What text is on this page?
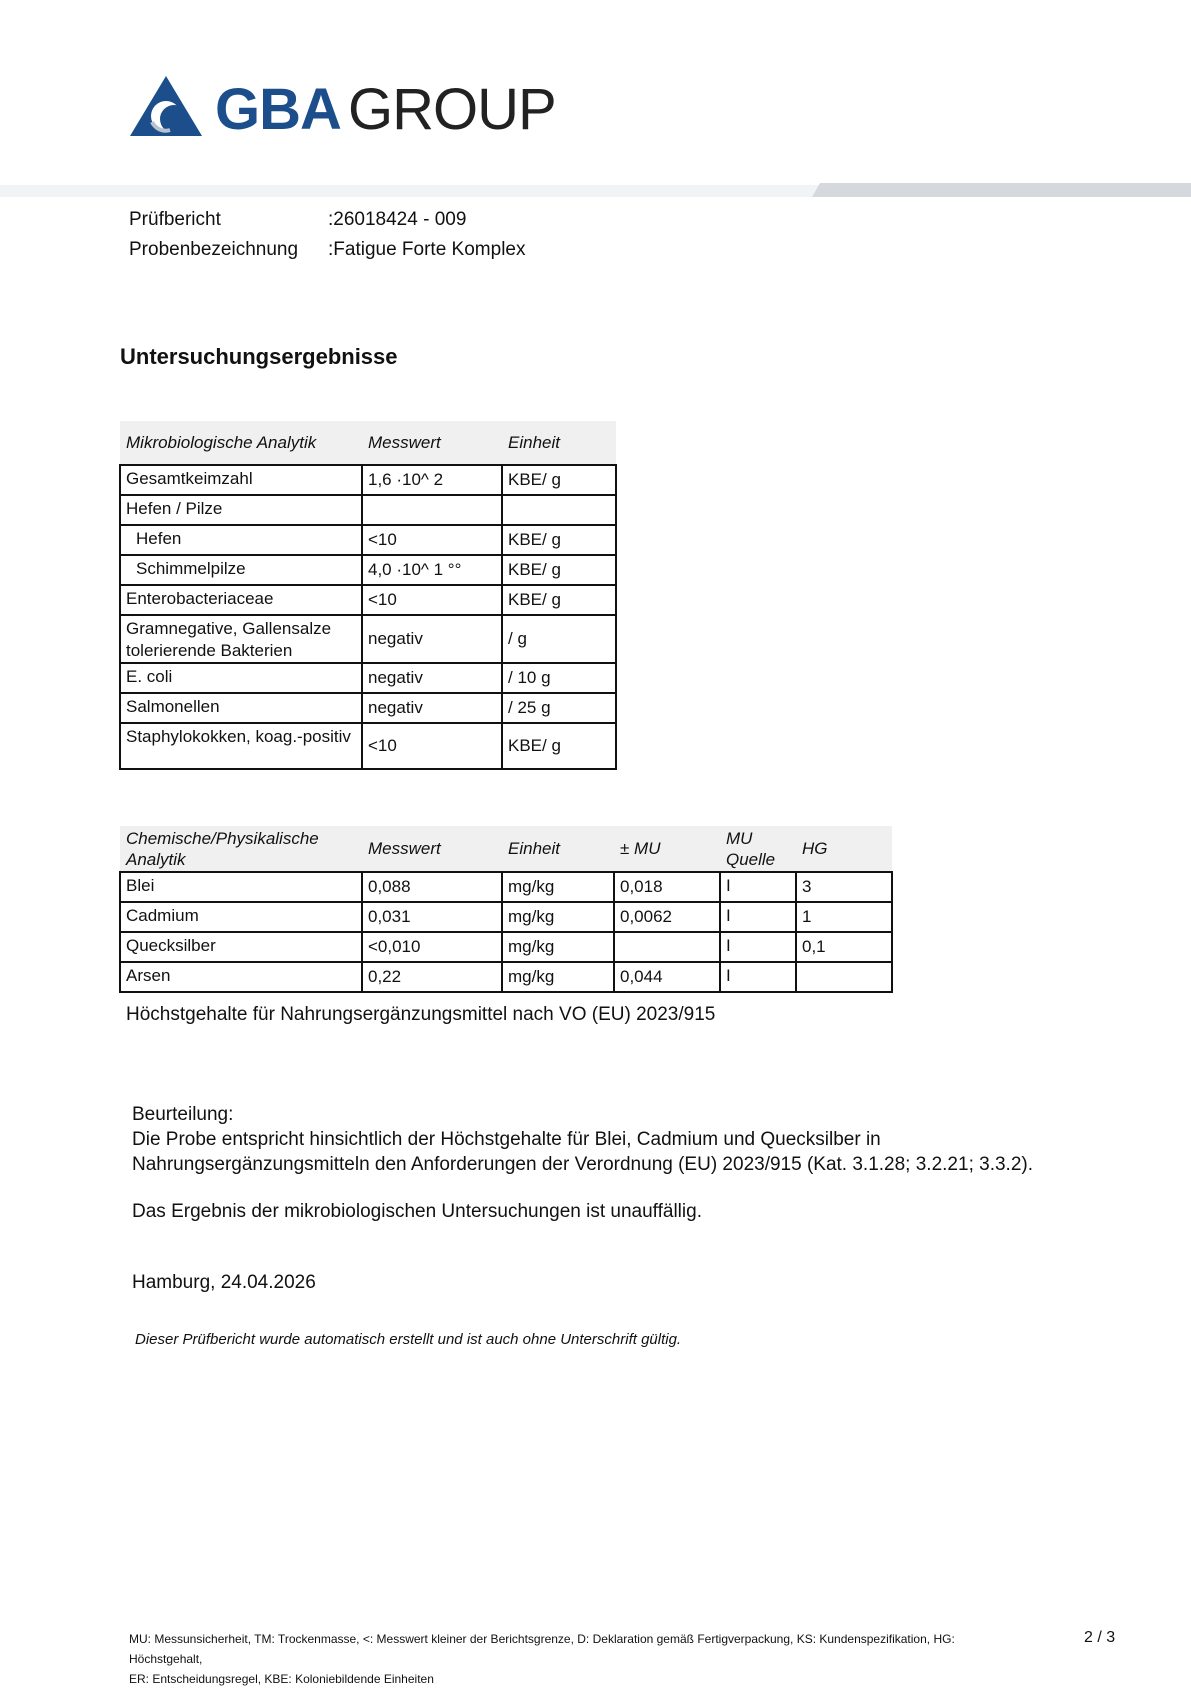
GBA GROUP
Prüfbericht	:26018424 - 009
Probenbezeichnung :Fatigue Forte Komplex
Untersuchungsergebnisse
Mikrobiologische Analytik	Messwert	Einheit
Gesamtkeimzahl	1,6 ·10^ 2	KBE/ g
Hefen / Pilze		
Hefen	<10	KBE/ g
Schimmelpilze	4,0 ·10^ 1 °°	KBE/ g
Enterobacteriaceae	<10	KBE/ g
Gramnegative, Gallensalze tolerierende Bakterien	negativ	/ g
E. coli	negativ	/ 10 g
Salmonellen	negativ	/ 25 g
Staphylokokken, koag.-positiv	<10	KBE/ g
Chemische/Physikalische Analytik	Messwert	Einheit	± MU	MU Quelle	HG
Blei	0,088	mg/kg	0,018	I	3
Cadmium	0,031	mg/kg	0,0062	I	1
Quecksilber	<0,010	mg/kg		I	0,1
Arsen	0,22	mg/kg	0,044	I	
Höchstgehalte für Nahrungsergänzungsmittel nach VO (EU) 2023/915

Beurteilung:

Die Probe entspricht hinsichtlich der Höchstgehalte für Blei, Cadmium und Quecksilber in

Nahrungsergänzungsmitteln den Anforderungen der Verordnung (EU) 2023/915 (Kat. 3.1.28; 3.2.21; 3.3.2).

Das Ergebnis der mikrobiologischen Untersuchungen ist unauffällig.

Hamburg, 24.04.2026
Dieser Prüfbericht wurde automatisch erstellt und ist auch ohne Unterschrift gültig.
MU: Messunsicherheit, TM: Trockenmasse, <: Messwert kleiner der Berichtsgrenze, D: Deklaration gemäß Fertigverpackung, KS: Kundenspezifikation, HG: Höchstgehalt,
ER: Entscheidungsregel, KBE: Koloniebildende Einheiten
2 / 3
